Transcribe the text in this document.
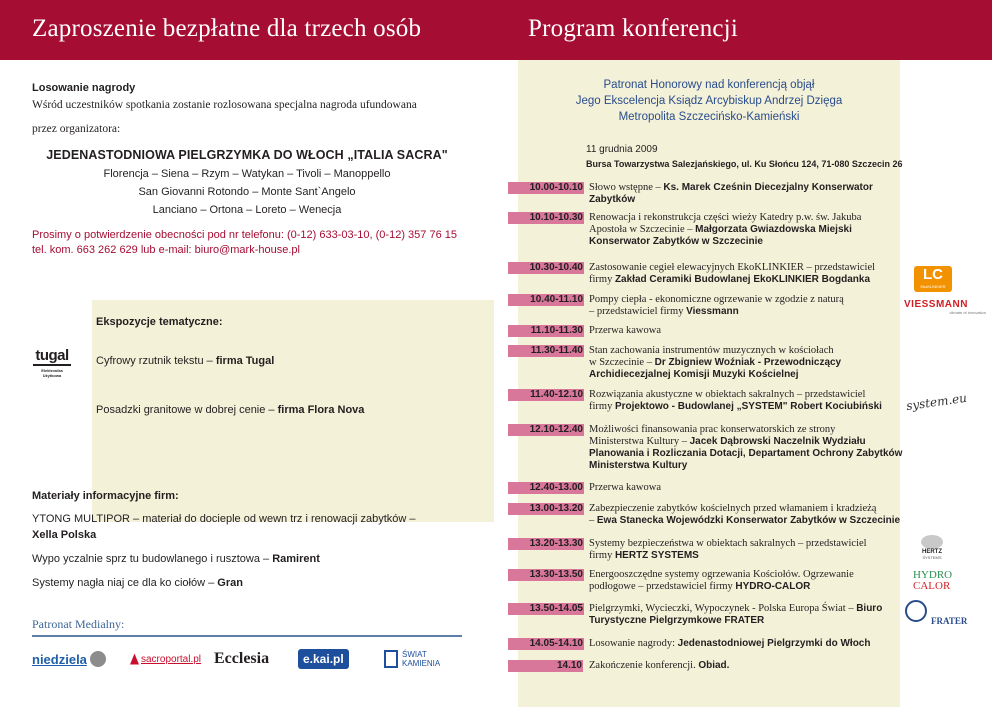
Zaproszenie bezpłatne dla trzech osób	Program konferencji
Losowanie nagrody
Wśród uczestników spotkania zostanie rozlosowana specjalna nagroda ufundowana
przez organizatora:
JEDENASTODNIOWA PIELGRZYMKA DO WŁOCH „ITALIA SACRA"
Florencja – Siena – Rzym – Watykan – Tivoli – Manoppello
San Giovanni Rotondo – Monte Sant`Angelo
Lanciano – Ortona – Loreto – Wenecja
Prosimy o potwierdzenie obecności pod nr telefonu: (0-12) 633-03-10, (0-12) 357 76 15
tel. kom. 663 262 629 lub e-mail: biuro@mark-house.pl
Ekspozycje tematyczne:
Cyfrowy rzutnik tekstu – firma Tugal
Posadzki granitowe w dobrej cenie – firma Flora Nova
tugal
Elektronika Użytkowa
Materiały informacyjne firm:
YTONG MULTIPOR – materiał do docieple od wewn trz i renowacji zabytków –
Xella Polska
Wypo yczalnie sprz tu budowlanego i rusztowa – Ramirent
Systemy nagła niaj ce dla ko ciołów – Gran
Patronat Medialny:
niedziela	sacroportal.pl Ecclesia	e.kai.pl	ŚWIAT KAMIENIA
Patronat Honorowy nad konferencją objął
Jego Ekscelencja Ksiądz Arcybiskup Andrzej Dzięga
Metropolita Szczecińsko-Kamieński
11 grudnia 2009
Bursa Towarzystwa Salezjańskiego, ul. Ku Słońcu 124, 71-080 Szczecin 26
10.00-10.10 Słowo wstępne – Ks. Marek Cześnin Diecezjalny Konserwator
Zabytków
10.10-10.30 Renowacja i rekonstrukcja części wieży Katedry p.w. św. Jakuba
Apostoła w Szczecinie – Małgorzata Gwiazdowska Miejski
Konserwator Zabytków w Szczecinie
10.30-10.40 Zastosowanie cegieł elewacyjnych EkoKLINKIER – przedstawiciel
firmy Zakład Ceramiki Budowlanej EkoKLINKIER Bogdanka
10.40-11.10 Pompy ciepła - ekonomiczne ogrzewanie w zgodzie z naturą
– przedstawiciel firmy Viessmann
11.10-11.30 Przerwa kawowa
11.30-11.40 Stan zachowania instrumentów muzycznych w kościołach
w Szczecinie – Dr Zbigniew Woźniak - Przewodniczący
Archidiecezjalnej Komisji Muzyki Kościelnej
11.40-12.10 Rozwiązania akustyczne w obiektach sakralnych – przedstawiciel
firmy Projektowo - Budowlanej „SYSTEM" Robert Kociubiński
12.10-12.40 Możliwości finansowania prac konserwatorskich ze strony
Ministerstwa Kultury – Jacek Dąbrowski Naczelnik Wydziału
Planowania i Rozliczania Dotacji, Departament Ochrony Zabytków
Ministerstwa Kultury
12.40-13.00 Przerwa kawowa
13.00-13.20 Zabezpieczenie zabytków kościelnych przed włamaniem i kradzieżą
– Ewa Stanecka Wojewódzki Konserwator Zabytków w Szczecinie
13.20-13.30 Systemy bezpieczeństwa w obiektach sakralnych – przedstawiciel
firmy HERTZ SYSTEMS
13.30-13.50 Energooszczędne systemy ogrzewania Kościołów. Ogrzewanie
podłogowe – przedstawiciel firmy HYDRO-CALOR
13.50-14.05 Pielgrzymki, Wycieczki, Wypoczynek - Polska Europa Świat – Biuro
Turystyczne Pielgrzymkowe FRATER
14.05-14.10 Losowanie nagrody: Jedenastodniowej Pielgrzymki do Włoch
14.10 Zakończenie konferencji. Obiad.
LC
EkoKLINKIER
VIESSMANN
climate of innovation
system.eu
HERTZ
SYSTEMS
HYDRO
CALOR
FRATER
